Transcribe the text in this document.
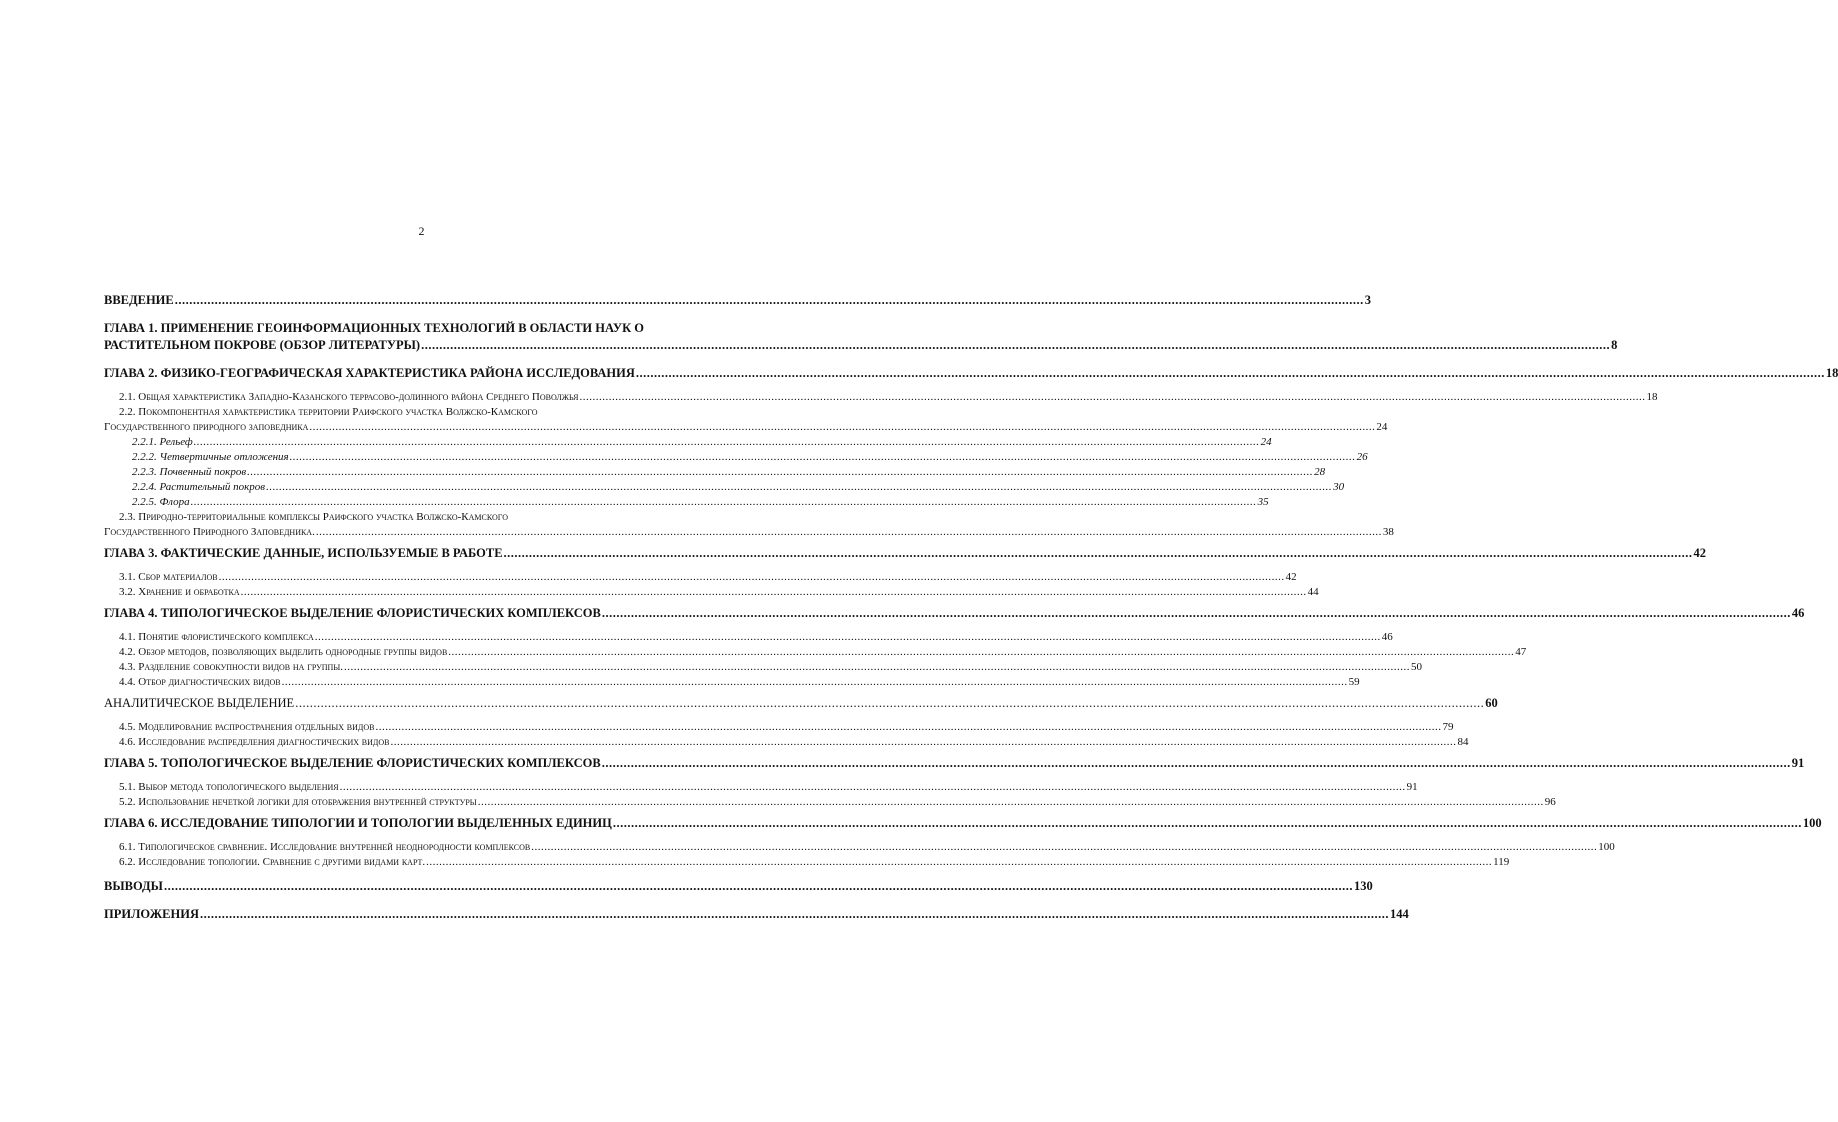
2
ВВЕДЕНИЕ .....	3
ГЛАВА 1. ПРИМЕНЕНИЕ ГЕОИНФОРМАЦИОННЫХ ТЕХНОЛОГИЙ В ОБЛАСТИ НАУК О
РАСТИТЕЛЬНОМ ПОКРОВЕ (ОБЗОР ЛИТЕРАТУРЫ) .....	8
ГЛАВА 2. ФИЗИКО-ГЕОГРАФИЧЕСКАЯ ХАРАКТЕРИСТИКА РАЙОНА ИССЛЕДОВАНИЯ .....	18
2.1. Общая характеристика Западно-Казанского террасово-долинного района Среднего Поволжья .....	18
2.2. Покомпонентная характеристика территории Раифского участка Волжско-Камского
Государственного природного заповедника .....	24
2.2.1. Рельеф .....	24
2.2.2. Четвертичные отложения .....	26
2.2.3. Почвенный покров .....	28
2.2.4. Растительный покров .....	30
2.2.5. Флора .....	35
2.3. Природно-территориальные комплексы Раифского участка Волжско-Камского
Государственного Природного Заповедника. .....	38
ГЛАВА 3. ФАКТИЧЕСКИЕ ДАННЫЕ, ИСПОЛЬЗУЕМЫЕ В РАБОТЕ .....	42
3.1. Сбор материалов .....	42
3.2. Хранение и обработка .....	44
ГЛАВА 4. ТИПОЛОГИЧЕСКОЕ ВЫДЕЛЕНИЕ ФЛОРИСТИЧЕСКИХ КОМПЛЕКСОВ .....	46
4.1. Понятие флористического комплекса .....	46
4.2. Обзор методов, позволяющих выделить однородные группы видов .....	47
4.3. Разделение совокупности видов на группы. .....	50
4.4. Отбор диагностических видов .....	59
АНАЛИТИЧЕСКОЕ ВЫДЕЛЕНИЕ .....	60
4.5. Моделирование распространения отдельных видов .....	79
4.6. Исследование распределения диагностических видов .....	84
ГЛАВА 5. ТОПОЛОГИЧЕСКОЕ ВЫДЕЛЕНИЕ ФЛОРИСТИЧЕСКИХ КОМПЛЕКСОВ .....	91
5.1. Выбор метода топологического выделения .....	91
5.2. Использование нечеткой логики для отображения внутренней структуры .....	96
ГЛАВА 6. ИССЛЕДОВАНИЕ ТИПОЛОГИИ И ТОПОЛОГИИ ВЫДЕЛЕННЫХ ЕДИНИЦ .....	100
6.1. Типологическое сравнение. Исследование внутренней неоднородности комплексов .....	100
6.2. Исследование топологии. Сравнение с другими видами карт. .....	119
ВЫВОДЫ .....	130
ПРИЛОЖЕНИЯ .....	144
